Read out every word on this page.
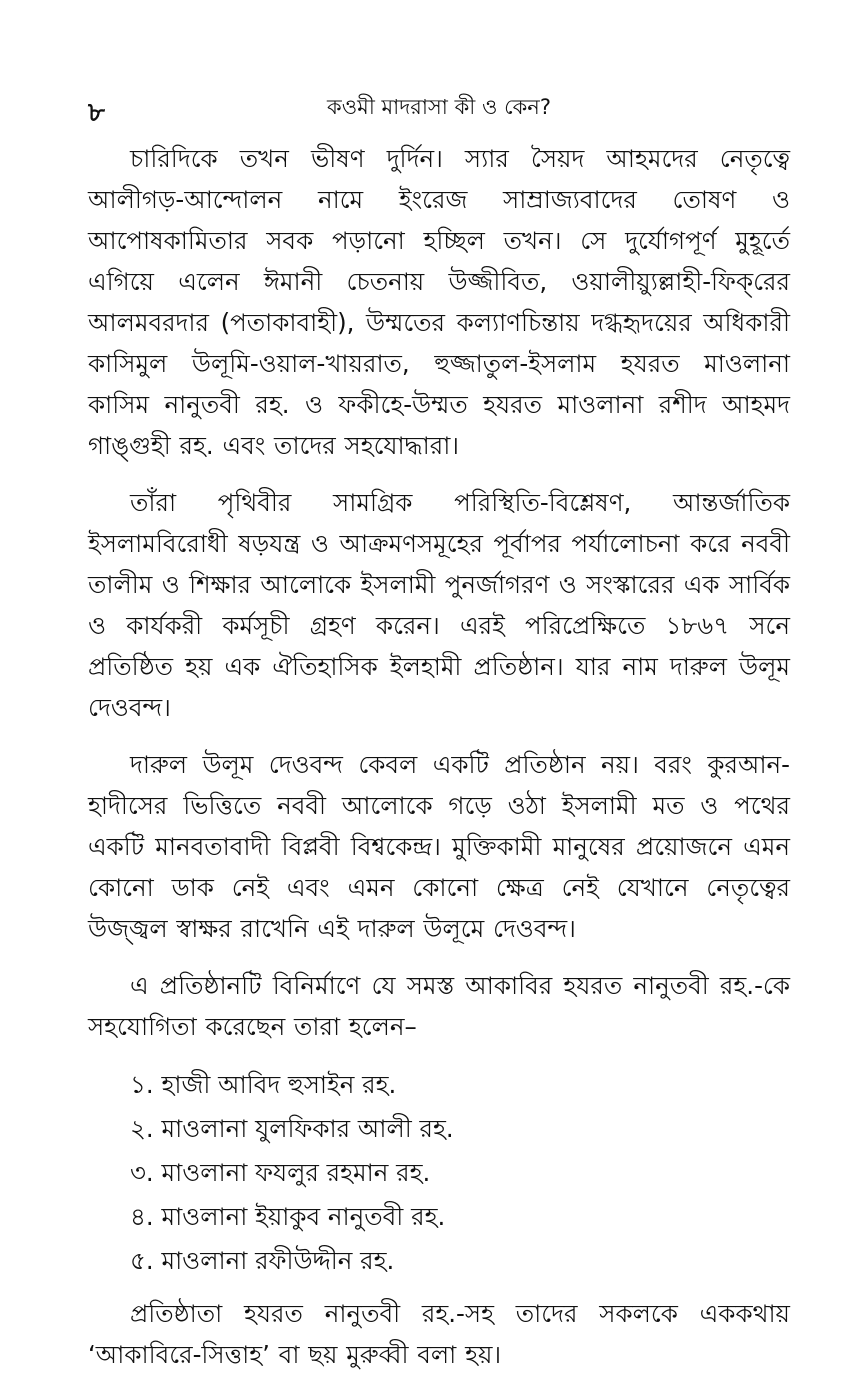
৮	কওমী মাদরাসা কী ও কেন?

চারিদিকে তখন ভীষণ দুর্দিন। স্যার সৈয়দ আহমদের নেতৃত্বে আলীগড়-আন্দোলন নামে ইংরেজ সাম্রাজ্যবাদের তোষণ ও আপোষকামিতার সবক পড়ানো হচ্ছিল তখন। সে দুর্যোগপূর্ণ মুহূর্তে এগিয়ে এলেন ঈমানী চেতনায় উজ্জীবিত, ওয়ালীয়্যুল্লাহী-ফিক্‌রের আলমবরদার (পতাকাবাহী), উম্মতের কল্যাণচিন্তায় দগ্ধহৃদয়ের অধিকারী কাসিমুল উলূমি-ওয়াল-খায়রাত, হুজ্জাতুল-ইসলাম হযরত মাওলানা কাসিম নানুতবী রহ. ও ফকীহে-উম্মত হযরত মাওলানা রশীদ আহমদ গাঙ্গুহী রহ. এবং তাদের সহযোদ্ধারা।

তাঁরা পৃথিবীর সামগ্রিক পরিস্থিতি-বিশ্লেষণ, আন্তর্জাতিক ইসলামবিরোধী ষড়যন্ত্র ও আক্রমণসমূহের পূর্বাপর পর্যালোচনা করে নববী তালীম ও শিক্ষার আলোকে ইসলামী পুনর্জাগরণ ও সংস্কারের এক সার্বিক ও কার্যকরী কর্মসূচী গ্রহণ করেন। এরই পরিপ্রেক্ষিতে ১৮৬৭ সনে প্রতিষ্ঠিত হয় এক ঐতিহাসিক ইলহামী প্রতিষ্ঠান। যার নাম দারুল উলূম দেওবন্দ।

দারুল উলূম দেওবন্দ কেবল একটি প্রতিষ্ঠান নয়। বরং কুরআন-হাদীসের ভিত্তিতে নববী আলোকে গড়ে ওঠা ইসলামী মত ও পথের একটি মানবতাবাদী বিপ্লবী বিশ্বকেন্দ্র। মুক্তিকামী মানুষের প্রয়োজনে এমন কোনো ডাক নেই এবং এমন কোনো ক্ষেত্র নেই যেখানে নেতৃত্বের উজ্জ্বল স্বাক্ষর রাখেনি এই দারুল উলূমে দেওবন্দ।

এ প্রতিষ্ঠানটি বিনির্মাণে যে সমস্ত আকাবির হযরত নানুতবী রহ.-কে সহযোগিতা করেছেন তারা হলেন–

১. হাজী আবিদ হুসাইন রহ.
২. মাওলানা যুলফিকার আলী রহ.
৩. মাওলানা ফযলুর রহমান রহ.
৪. মাওলানা ইয়াকুব নানুতবী রহ.
৫. মাওলানা রফীউদ্দীন রহ.

প্রতিষ্ঠাতা হযরত নানুতবী রহ.-সহ তাদের সকলকে এককথায় ‘আকাবিরে-সিত্তাহ’ বা ছয় মুরুব্বী বলা হয়।
